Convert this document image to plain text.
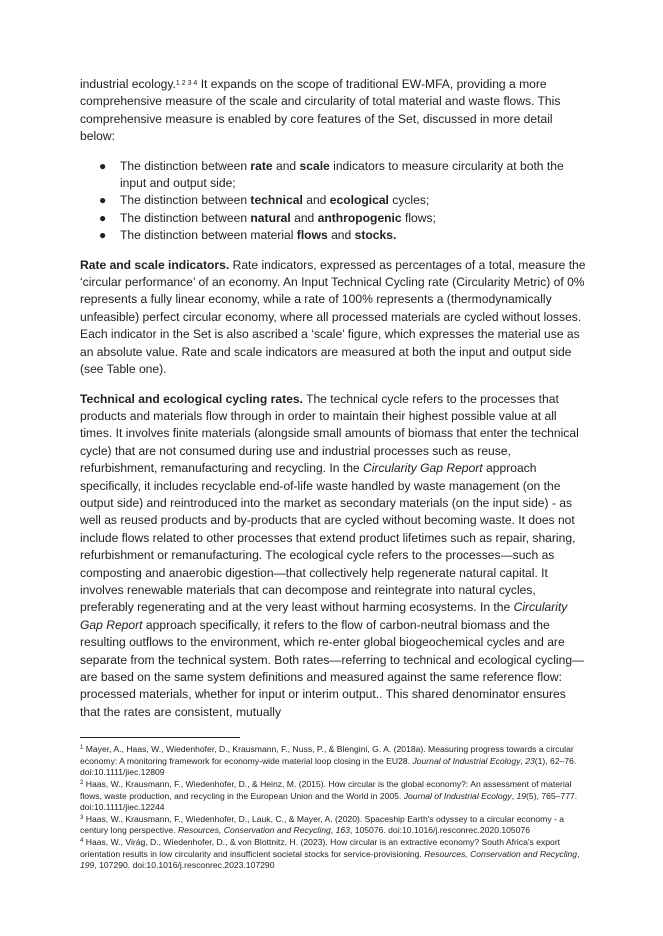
industrial ecology.$^{1 2 3 4}$ It expands on the scope of traditional EW-MFA, providing a more comprehensive measure of the scale and circularity of total material and waste flows. This comprehensive measure is enabled by core features of the Set, discussed in more detail below:

● The distinction between rate and scale indicators to measure circularity at both the input and output side;
● The distinction between technical and ecological cycles;
● The distinction between natural and anthropogenic flows;
● The distinction between material flows and stocks.

Rate and scale indicators. Rate indicators, expressed as percentages of a total, measure the ‘circular performance’ of an economy. An Input Technical Cycling rate (Circularity Metric) of 0% represents a fully linear economy, while a rate of 100% represents a (thermodynamically unfeasible) perfect circular economy, where all processed materials are cycled without losses. Each indicator in the Set is also ascribed a ‘scale’ figure, which expresses the material use as an absolute value. Rate and scale indicators are measured at both the input and output side (see Table one).

Technical and ecological cycling rates. The technical cycle refers to the processes that products and materials flow through in order to maintain their highest possible value at all times. It involves finite materials (alongside small amounts of biomass that enter the technical cycle) that are not consumed during use and industrial processes such as reuse, refurbishment, remanufacturing and recycling. In the Circularity Gap Report approach specifically, it includes recyclable end-of-life waste handled by waste management (on the output side) and reintroduced into the market as secondary materials (on the input side) - as well as reused products and by-products that are cycled without becoming waste. It does not include flows related to other processes that extend product lifetimes such as repair, sharing, refurbishment or remanufacturing. The ecological cycle refers to the processes—such as composting and anaerobic digestion—that collectively help regenerate natural capital. It involves renewable materials that can decompose and reintegrate into natural cycles, preferably regenerating and at the very least without harming ecosystems. In the Circularity Gap Report approach specifically, it refers to the flow of carbon-neutral biomass and the resulting outflows to the environment, which re-enter global biogeochemical cycles and are separate from the technical system. Both rates—referring to technical and ecological cycling—are based on the same system definitions and measured against the same reference flow: processed materials, whether for input or interim output.. This shared denominator ensures that the rates are consistent, mutually

$^1$ Mayer, A., Haas, W., Wiedenhofer, D., Krausmann, F., Nuss, P., & Blengini, G. A. (2018a). Measuring progress towards a circular economy: A monitoring framework for economy‐wide material loop closing in the EU28. Journal of Industrial Ecology, 23(1), 62–76. doi:10.1111/jiec.12809

$^2$ Haas, W., Krausmann, F., Wiedenhofer, D., & Heinz, M. (2015). How circular is the global economy?: An assessment of material flows, waste production, and recycling in the European Union and the World in 2005. Journal of Industrial Ecology, 19(5), 765–777. doi:10.1111/jiec.12244

$^3$ Haas, W., Krausmann, F., Wiedenhofer, D., Lauk, C., & Mayer, A. (2020). Spaceship Earth's odyssey to a circular economy - a century long perspective. Resources, Conservation and Recycling, 163, 105076. doi:10.1016/j.resconrec.2020.105076

$^4$ Haas, W., Virág, D., Wiedenhofer, D., & von Blottnitz, H. (2023). How circular is an extractive economy? South Africa's export orientation results in low circularity and insufficient societal stocks for service-provisioning. Resources, Conservation and Recycling, 199, 107290. doi:10.1016/j.resconrec.2023.107290
